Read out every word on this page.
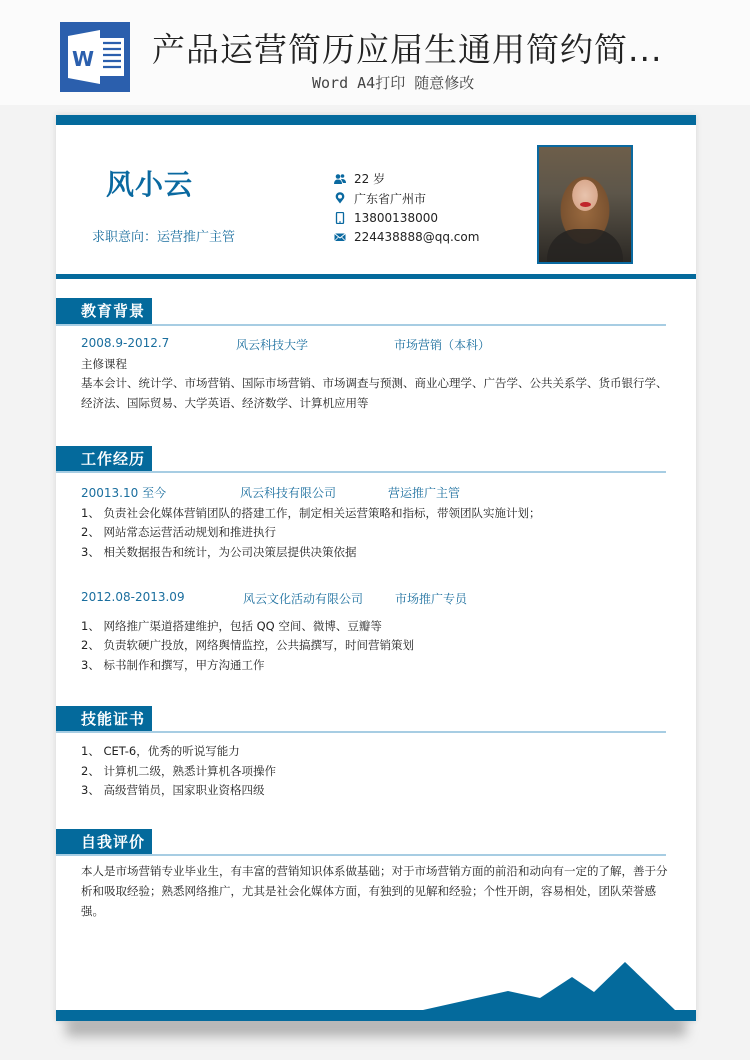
W 产品运营简历应届生通用简约简...
Word A4打印 随意修改
风小云
求职意向：运营推广主管
22 岁
广东省广州市
13800138000
224438888@qq.com
教育背景
2008.9-2012.7	风云科技大学	市场营销（本科）
主修课程
基本会计、统计学、市场营销、国际市场营销、市场调查与预测、商业心理学、广告学、公共关系学、货币银行学、
经济法、国际贸易、大学英语、经济数学、计算机应用等
工作经历
20013.10 至今	风云科技有限公司	营运推广主管
1、 负责社会化媒体营销团队的搭建工作，制定相关运营策略和指标，带领团队实施计划；
2、 网站常态运营活动规划和推进执行
3、 相关数据报告和统计，为公司决策层提供决策依据
2012.08-2013.09	风云文化活动有限公司	市场推广专员
1、 网络推广渠道搭建维护，包括 QQ 空间、微博、豆瓣等
2、 负责软硬广投放，网络舆情监控，公共搞撰写，时间营销策划
3、 标书制作和撰写，甲方沟通工作
技能证书
1、 CET-6，优秀的听说写能力
2、 计算机二级，熟悉计算机各项操作
3、 高级营销员，国家职业资格四级
自我评价
本人是市场营销专业毕业生，有丰富的营销知识体系做基础；对于市场营销方面的前沿和动向有一定的了解，善于分析和吸取经验；熟悉网络推广，尤其是社会化媒体方面，有独到的见解和经验；个性开朗，容易相处，团队荣誉感强。
